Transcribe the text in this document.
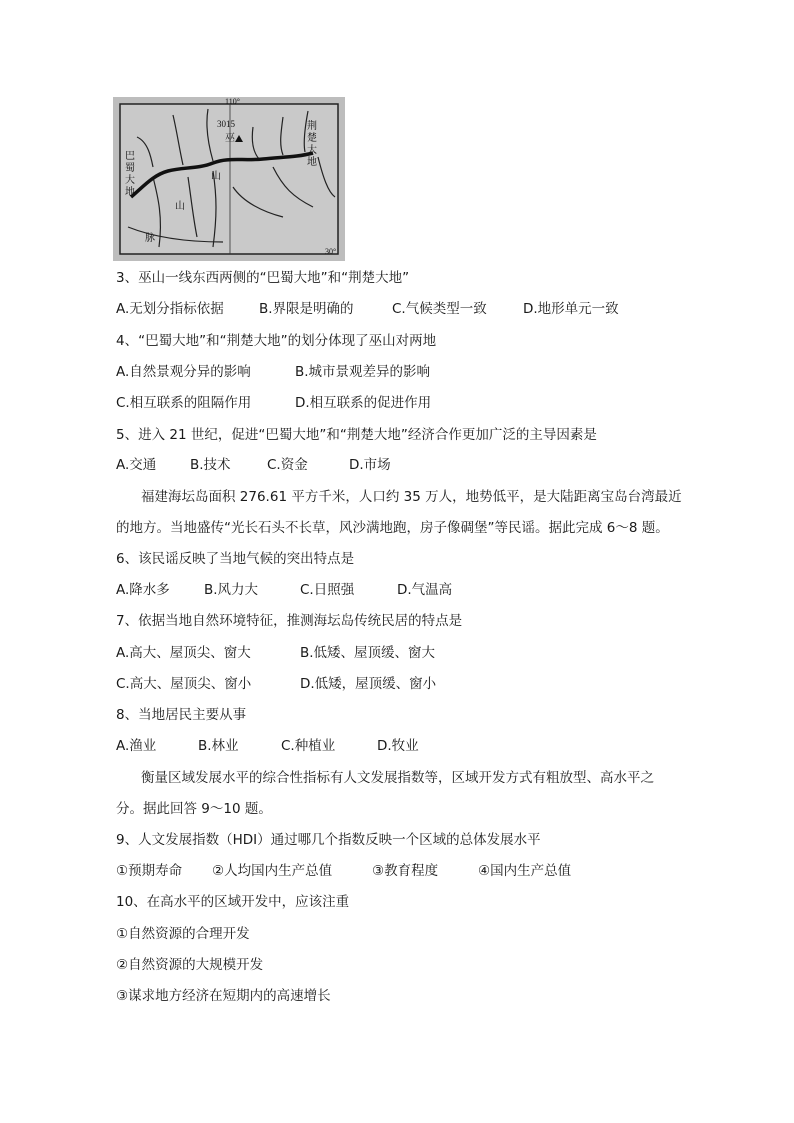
110°
30°
3015
巫
山
山
脉
巴
蜀
大
地
荆
楚
大
地
3、巫山一线东西两侧的“巴蜀大地”和“荆楚大地”
A.无划分指标依据	B.界限是明确的	C.气候类型一致	D.地形单元一致
4、“巴蜀大地”和“荆楚大地”的划分体现了巫山对两地
A.自然景观分异的影响	B.城市景观差异的影响
C.相互联系的阻隔作用	D.相互联系的促进作用
5、进入 21 世纪，促进“巴蜀大地”和“荆楚大地”经济合作更加广泛的主导因素是
A.交通 B.技术	C.资金	D.市场
福建海坛岛面积 276.61 平方千米，人口约 35 万人，地势低平，是大陆距离宝岛台湾最近
的地方。当地盛传“光长石头不长草，风沙满地跑，房子像碉堡”等民谣。据此完成 6～8 题。
6、该民谣反映了当地气候的突出特点是
A.降水多	B.风力大	C.日照强	D.气温高
7、依据当地自然环境特征，推测海坛岛传统民居的特点是
A.高大、屋顶尖、窗大	B.低矮、屋顶缓、窗大
C.高大、屋顶尖、窗小	D.低矮，屋顶缓、窗小
8、当地居民主要从事
A.渔业	B.林业	C.种植业	D.牧业
衡量区域发展水平的综合性指标有人文发展指数等，区域开发方式有粗放型、高水平之
分。据此回答 9～10 题。
9、人文发展指数（HDI）通过哪几个指数反映一个区域的总体发展水平
①预期寿命 ②人均国内生产总值	③教育程度	④国内生产总值
10、在高水平的区域开发中，应该注重
①自然资源的合理开发
②自然资源的大规模开发
③谋求地方经济在短期内的高速增长
